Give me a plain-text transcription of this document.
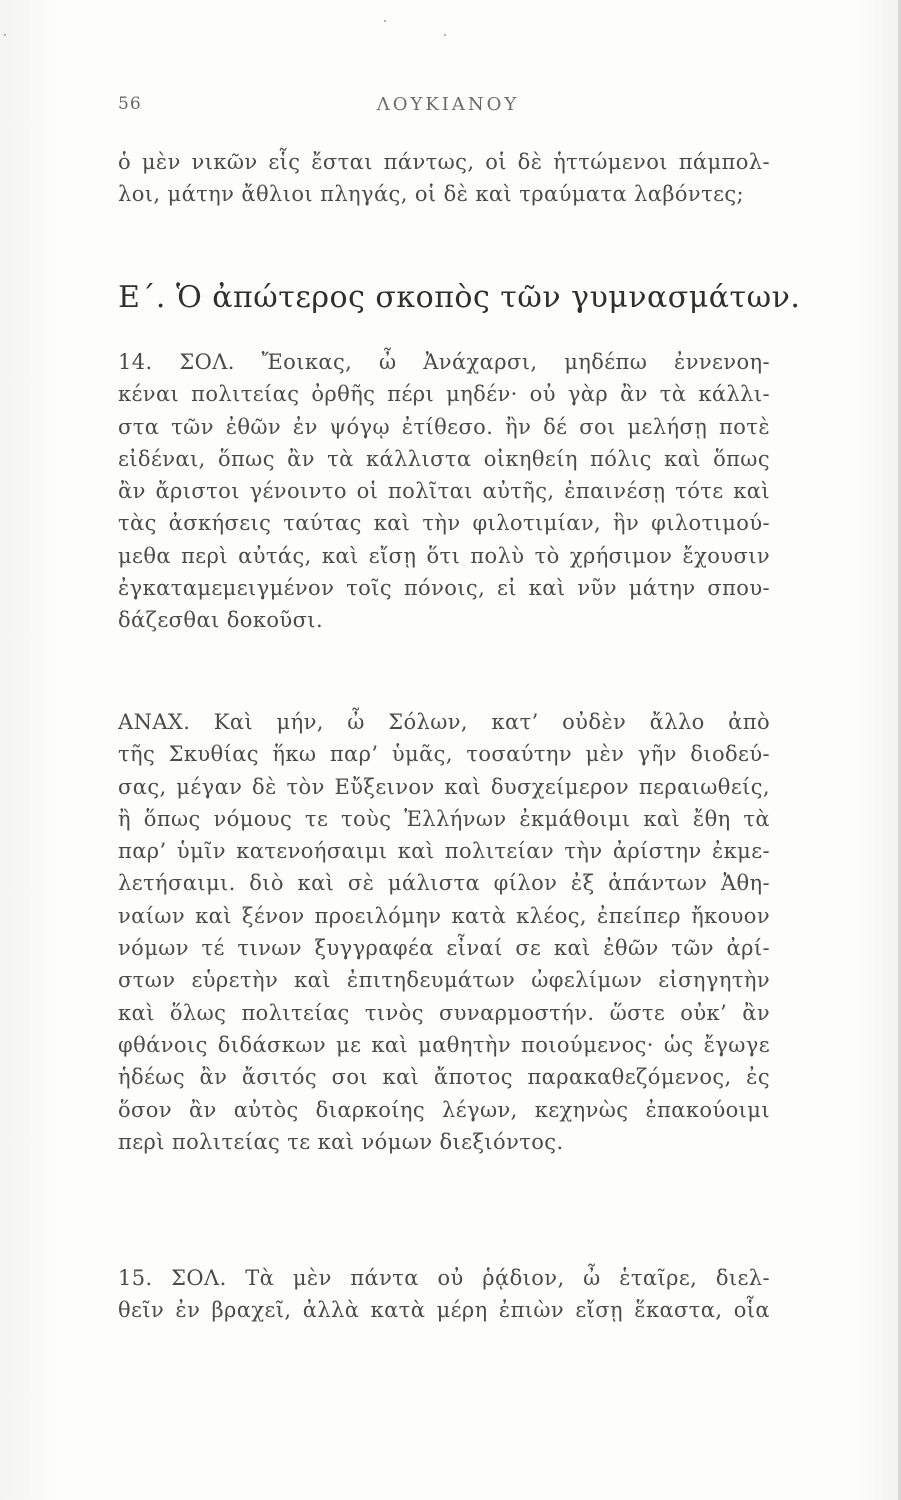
56	ΛΟΥΚΙΑΝΟΥ
ὁ μὲν νικῶν εἷς ἔσται πάντως, οἱ δὲ ἡττώμενοι πάμπολ-
λοι, μάτην ἄθλιοι πληγάς, οἱ δὲ καὶ τραύματα λαβόντες;
Ε΄. Ὁ ἀπώτερος σκοπὸς τῶν γυμνασμάτων.
14. ΣΟΛ. Ἔοικας, ὦ Ἀνάχαρσι, μηδέπω ἐννενοη-
κέναι πολιτείας ὀρθῆς πέρι μηδέν· οὐ γὰρ ἂν τὰ κάλλι-
στα τῶν ἐθῶν ἐν ψόγῳ ἐτίθεσο. ἢν δέ σοι μελήσῃ ποτὲ
εἰδέναι, ὅπως ἂν τὰ κάλλιστα οἰκηθείη πόλις καὶ ὅπως
ἂν ἄριστοι γένοιντο οἱ πολῖται αὐτῆς, ἐπαινέσῃ τότε καὶ
τὰς ἀσκήσεις ταύτας καὶ τὴν φιλοτιμίαν, ἣν φιλοτιμού-
μεθα περὶ αὐτάς, καὶ εἴσῃ ὅτι πολὺ τὸ χρήσιμον ἔχουσιν
ἐγκαταμεμειγμένον τοῖς πόνοις, εἰ καὶ νῦν μάτην σπου-
δάζεσθαι δοκοῦσι.
ΑΝΑΧ. Καὶ μήν, ὦ Σόλων, κατ’ οὐδὲν ἄλλο ἀπὸ
τῆς Σκυθίας ἥκω παρ’ ὑμᾶς, τοσαύτην μὲν γῆν διοδεύ-
σας, μέγαν δὲ τὸν Εὔξεινον καὶ δυσχείμερον περαιωθείς,
ἢ ὅπως νόμους τε τοὺς Ἑλλήνων ἐκμάθοιμι καὶ ἔθη τὰ
παρ’ ὑμῖν κατενοήσαιμι καὶ πολιτείαν τὴν ἀρίστην ἐκμε-
λετήσαιμι. διὸ καὶ σὲ μάλιστα φίλον ἐξ ἁπάντων Ἀθη-
ναίων καὶ ξένον προειλόμην κατὰ κλέος, ἐπείπερ ἤκουον
νόμων τέ τινων ξυγγραφέα εἶναί σε καὶ ἐθῶν τῶν ἀρί-
στων εὑρετὴν καὶ ἐπιτηδευμάτων ὠφελίμων εἰσηγητὴν
καὶ ὅλως πολιτείας τινὸς συναρμοστήν. ὥστε οὐκ’ ἂν
φθάνοις διδάσκων με καὶ μαθητὴν ποιούμενος· ὡς ἔγωγε
ἡδέως ἂν ἄσιτός σοι καὶ ἄποτος παρακαθεζόμενος, ἐς
ὅσον ἂν αὐτὸς διαρκοίης λέγων, κεχηνὼς ἐπακούοιμι
περὶ πολιτείας τε καὶ νόμων διεξιόντος.
15. ΣΟΛ. Τὰ μὲν πάντα οὐ ῥᾴδιον, ὦ ἑταῖρε, διελ-
θεῖν ἐν βραχεῖ, ἀλλὰ κατὰ μέρη ἐπιὼν εἴσῃ ἕκαστα, οἷα
